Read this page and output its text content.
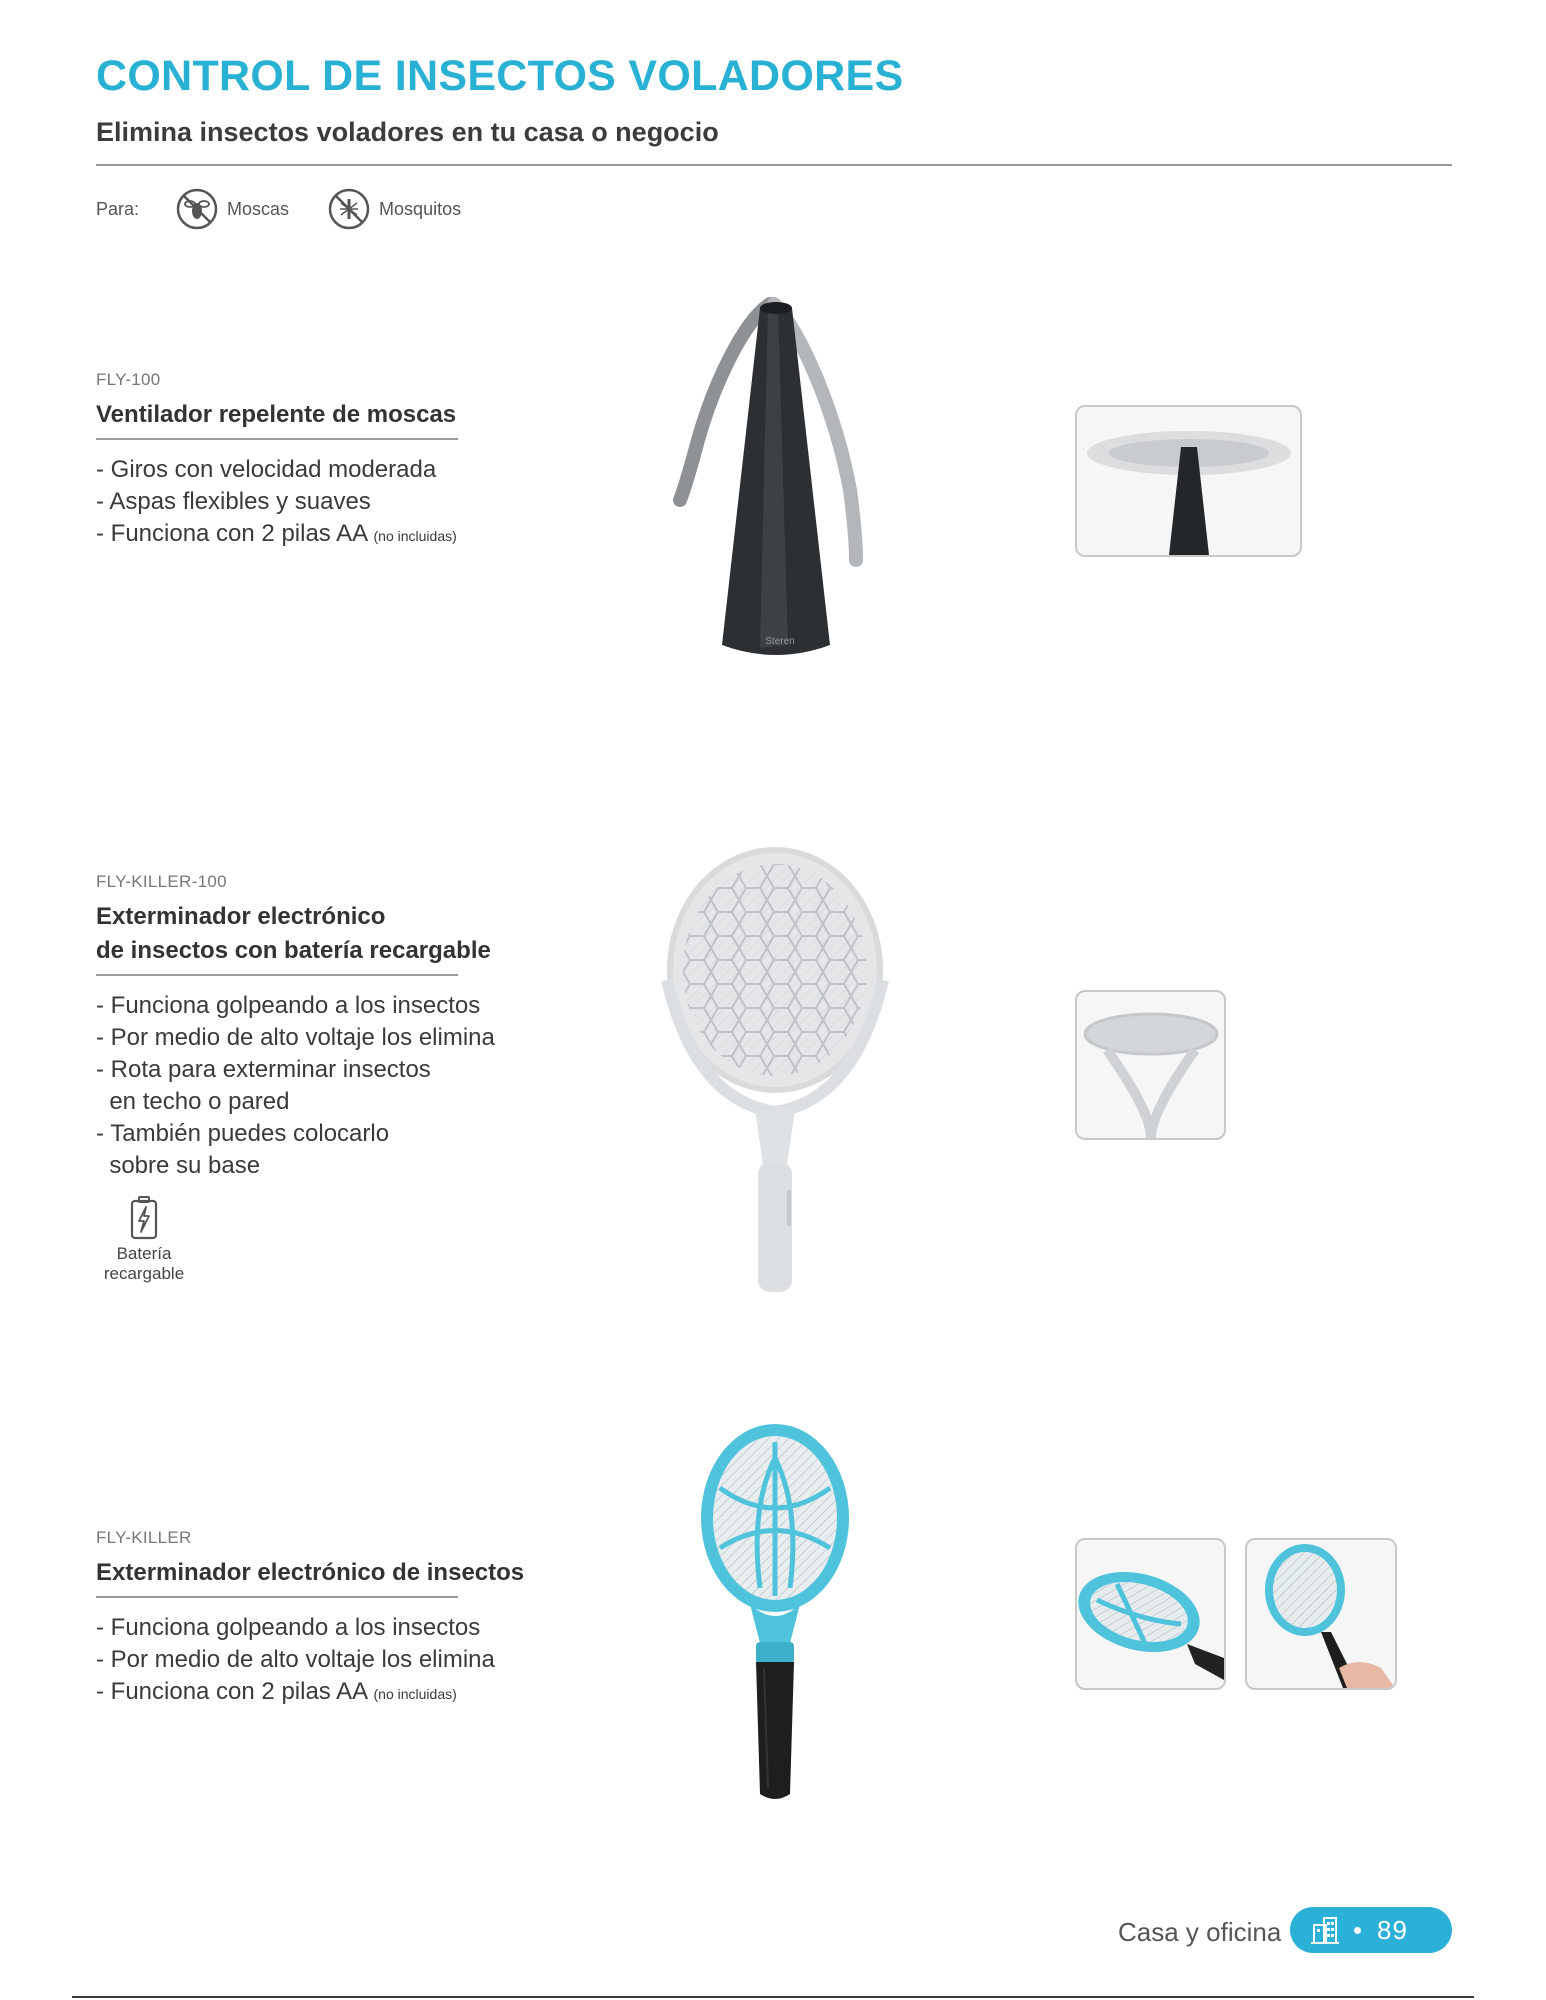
CONTROL DE INSECTOS VOLADORES
Elimina insectos voladores en tu casa o negocio
Para:	Moscas	Mosquitos
FLY-100
Ventilador repelente de moscas
- Giros con velocidad moderada
- Aspas flexibles y suaves
- Funciona con 2 pilas AA (no incluidas)
Steren
FLY-KILLER-100
Exterminador electrónico
de insectos con batería recargable
- Funciona golpeando a los insectos
- Por medio de alto voltaje los elimina
- Rota para exterminar insectos
en techo o pared
- También puedes colocarlo
sobre su base
Batería
recargable
FLY-KILLER
Exterminador electrónico de insectos
- Funciona golpeando a los insectos
- Por medio de alto voltaje los elimina
- Funciona con 2 pilas AA (no incluidas)
Casa y oficina	89
